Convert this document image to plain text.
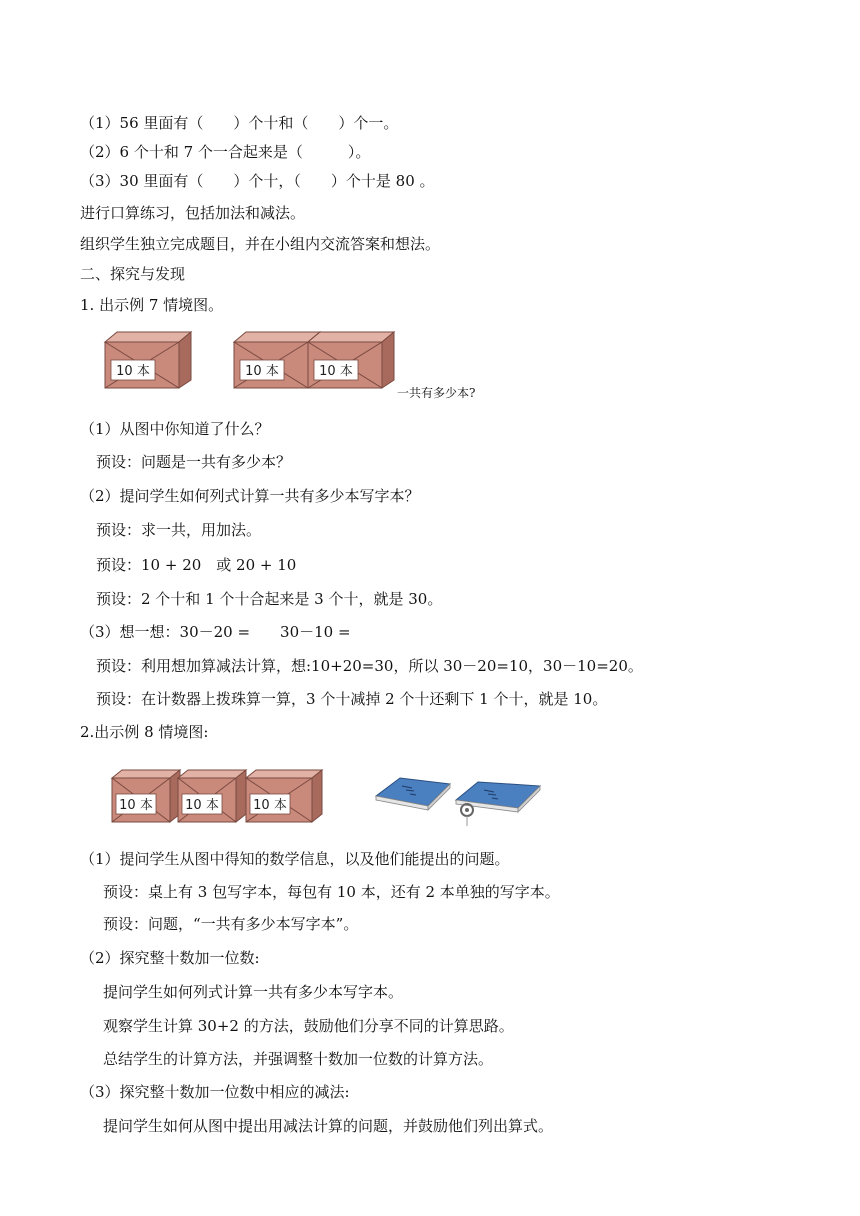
（1）56 里面有（　　）个十和（　　）个一。
（2）6 个十和 7 个一合起来是（　　　）。
（3）30 里面有（　　）个十，（　　）个十是 80 。
进行口算练习，包括加法和减法。
组织学生独立完成题目，并在小组内交流答案和想法。
二、探究与发现
1. 出示例 7 情境图。
10 本	10 本	10 本
一共有多少本?
（1）从图中你知道了什么？
预设：问题是一共有多少本？
（2）提问学生如何列式计算一共有多少本写字本？
预设：求一共，用加法。
预设：10 + 20　或 20 + 10
预设：2 个十和 1 个十合起来是 3 个十，就是 30。
（3）想一想：30－20 =　　30－10 =
预设：利用想加算减法计算，想:10+20=30，所以 30－20=10，30－10=20。
预设：在计数器上拨珠算一算，3 个十减掉 2 个十还剩下 1 个十，就是 10。
2.出示例 8 情境图:
10 本 10 本	10 本
（1）提问学生从图中得知的数学信息，以及他们能提出的问题。
预设：桌上有 3 包写字本，每包有 10 本，还有 2 本单独的写字本。
预设：问题，“一共有多少本写字本”。
（2）探究整十数加一位数:
提问学生如何列式计算一共有多少本写字本。
观察学生计算 30+2 的方法，鼓励他们分享不同的计算思路。
总结学生的计算方法，并强调整十数加一位数的计算方法。
（3）探究整十数加一位数中相应的减法:
提问学生如何从图中提出用减法计算的问题，并鼓励他们列出算式。
